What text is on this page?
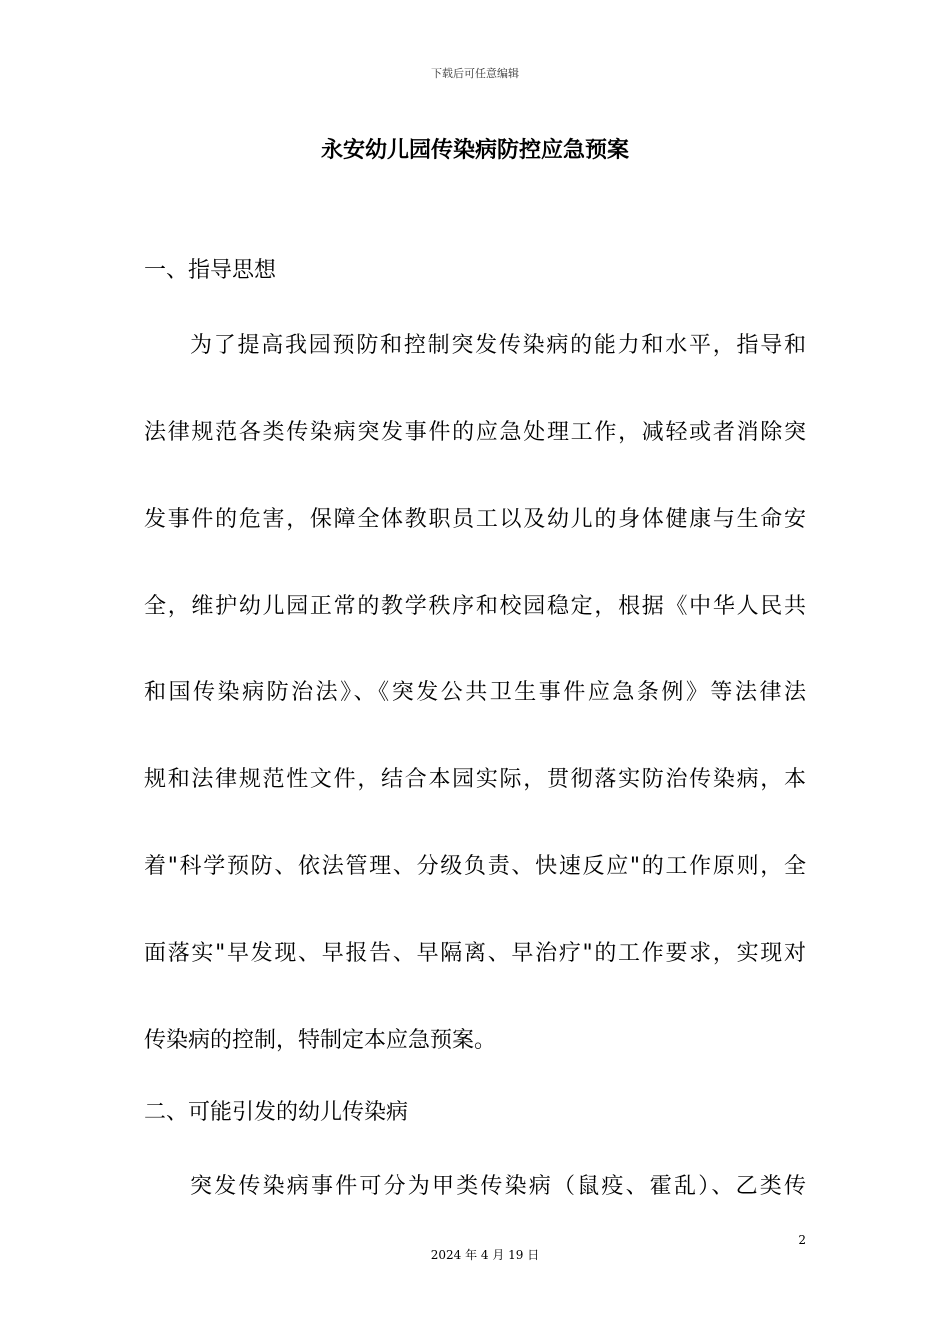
下载后可任意编辑
永安幼儿园传染病防控应急预案

一、指导思想

为了提高我园预防和控制突发传染病的能力和水平，指导和

法律规范各类传染病突发事件的应急处理工作，减轻或者消除突

发事件的危害，保障全体教职员工以及幼儿的身体健康与生命安

全，维护幼儿园正常的教学秩序和校园稳定，根据《中华人民共

和国传染病防治法》、《突发公共卫生事件应急条例》等法律法

规和法律规范性文件，结合本园实际，贯彻落实防治传染病，本

着"科学预防、依法管理、分级负责、快速反应"的工作原则，全

面落实"早发现、早报告、早隔离、早治疗"的工作要求，实现对

传染病的控制，特制定本应急预案。

二、可能引发的幼儿传染病

突发传染病事件可分为甲类传染病（鼠疫、霍乱）、乙类传

2
2024 年 4 月 19 日
